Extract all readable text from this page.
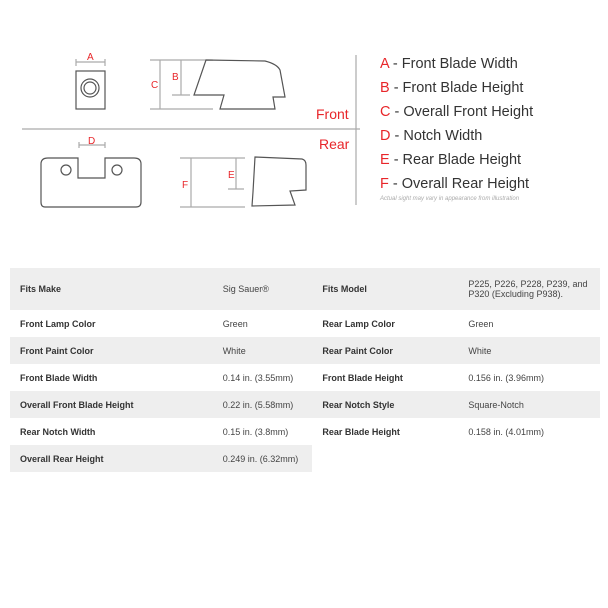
A
B
C
D
E
F
Front
Rear
A - Front Blade Width
B - Front Blade Height
C - Overall Front Height
D - Notch Width
E - Rear Blade Height
F - Overall Rear Height
Actual sight may vary in appearance from illustration
Fits Make	Sig Sauer®	Fits Model	P225, P226, P228, P239, and P320 (Excluding P938).
Front Lamp Color	Green	Rear Lamp Color	Green
Front Paint Color	White	Rear Paint Color	White
Front Blade Width	0.14 in. (3.55mm)	Front Blade Height	0.156 in. (3.96mm)
Overall Front Blade Height	0.22 in. (5.58mm)	Rear Notch Style	Square-Notch
Rear Notch Width	0.15 in. (3.8mm)	Rear Blade Height	0.158 in. (4.01mm)
Overall Rear Height	0.249 in. (6.32mm)		
